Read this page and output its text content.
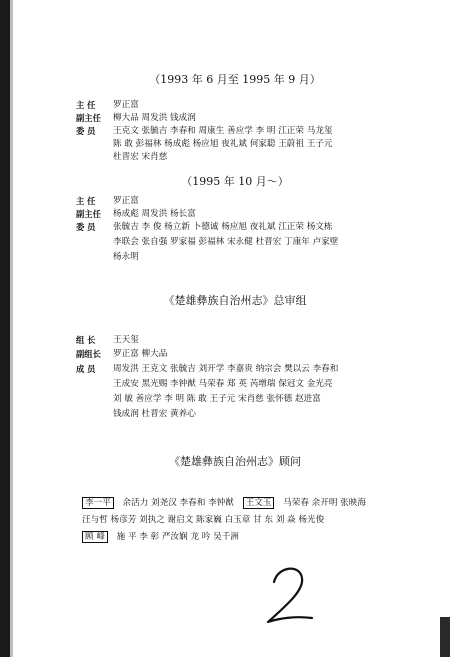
（1993 年 6 月至 1995 年 9 月）
主 任 罗正富
副主任 柳大品 周发洪 钱成润
委 员 王克文 张毓吉 李春和 周康生 善应学 李 明 江正荣 马龙玺
陈 敢 彭福林 杨成彪 杨应旭 夜礼斌 何家聪 王蔚祖 王子元
杜晋宏 宋肖慈
（1995 年 10 月～）
主 任 罗正富
副主任 杨成彪 周发洪 杨长富
委 员 张毓吉 李 俊 杨立新 卜德诚 杨应旭 夜礼斌 江正荣 杨文栋
李联会 张自强 罗家福 彭福林 宋永健 杜晋宏 丁康年 卢家壁
杨永明
《楚雄彝族自治州志》总审组
组 长 王天玺
副组长 罗正富 柳大品
成 员 周发洪 王克文 张毓吉 刘开学 李嘉贵 纳宗会 樊以云 李春和
王成安 黑光赐 李钟猷 马荣春 郑 英 芮增瑞 保冠文 金光亮
刘 敏 善应学 李 明 陈 敢 王子元 宋肖慈 张怀德 赵进富
钱成润 杜晋宏 黄养心
《楚雄彝族自治州志》顾问
李一平 余活力 刘尧汉 李春和 李钟猷 王文玉 马荣春 余开明 张映海
汪与哲 杨彦芳 刘执之 谢启文 陈家巍 白玉章 甘 东 刘 焱 杨光俊
顾 峰 施 平 李 彰 严汝娴 龙 吟 吴千洲
